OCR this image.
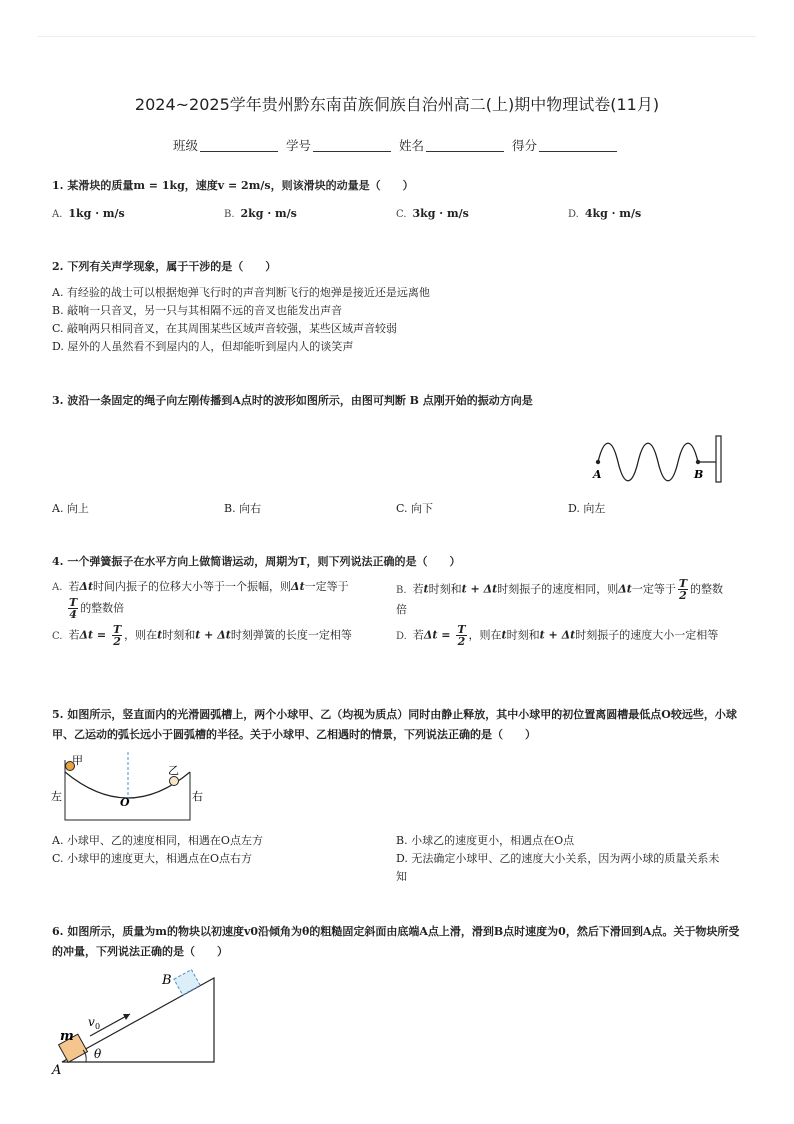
2024~2025学年贵州黔东南苗族侗族自治州高二(上)期中物理试卷(11月)
班级	学号	姓名	得分
1. 某滑块的质量m = 1kg，速度v = 2m/s，则该滑块的动量是（　　）
A. 1kg · m/s	B. 2kg · m/s	C. 3kg · m/s	D. 4kg · m/s
2. 下列有关声学现象，属于干涉的是（　　）
A. 有经验的战士可以根据炮弹飞行时的声音判断飞行的炮弹是接近还是远离他
B. 敲响一只音叉，另一只与其相隔不远的音叉也能发出声音
C. 敲响两只相同音叉，在其周围某些区域声音较强，某些区域声音较弱
D. 屋外的人虽然看不到屋内的人，但却能听到屋内人的谈笑声
3. 波沿一条固定的绳子向左刚传播到A点时的波形如图所示，由图可判断 B 点刚开始的振动方向是
A	B
A. 向上	B. 向右	C. 向下	D. 向左
4. 一个弹簧振子在水平方向上做简谐运动，周期为T，则下列说法正确的是（　　）
A. 若Δt时间内振子的位移大小等于一个振幅，则Δt一定等于

$\frac{T}{4}$ 的整数倍
B. 若t时刻和t + Δt时刻振子的速度相同，则Δt一定等于 $\frac{T}{2}$ 的整数倍
C. 若$\Delta t = \frac{T}{2}$ ，则在t时刻和t + Δt时刻弹簧的长度一定相等	D. 若$\Delta t = \frac{T}{2}$ ，则在t时刻和t + Δt时刻振子的速度大小一定相等
5. 如图所示，竖直面内的光滑圆弧槽上，两个小球甲、乙（均视为质点）同时由静止释放，其中小球甲的初位置离圆槽最低点O较远些，小球甲、乙运动的弧长远小于圆弧槽的半径。关于小球甲、乙相遇时的情景，下列说法正确的是（　　）
甲
乙
左	右
O
A. 小球甲、乙的速度相同，相遇在O点左方	B. 小球乙的速度更小，相遇点在O点
C. 小球甲的速度更大，相遇点在O点右方	D. 无法确定小球甲、乙的速度大小关系，因为两小球的质量关系未知
6. 如图所示，质量为m的物块以初速度v0沿倾角为θ的粗糙固定斜面由底端A点上滑，滑到B点时速度为0，然后下滑回到A点。关于物块所受的冲量，下列说法正确的是（　　）
B
A
m
v 0
θ
